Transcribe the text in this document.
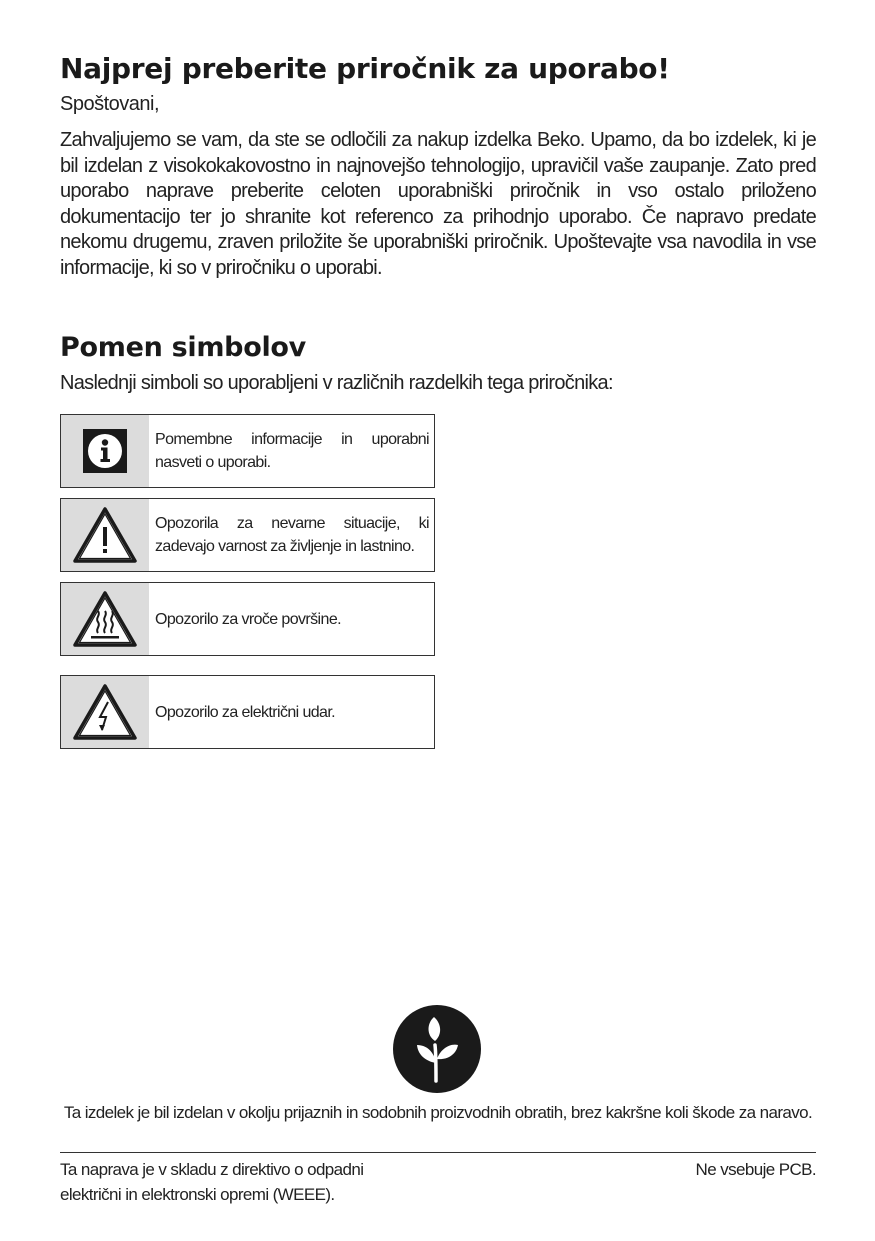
Najprej preberite priročnik za uporabo!
Spoštovani,

Zahvaljujemo se vam, da ste se odločili za nakup izdelka Beko. Upamo, da bo izdelek, ki je bil izdelan z visokokakovostno in najnovejšo tehnologijo, upravičil vaše zaupanje. Zato pred uporabo naprave preberite celoten uporabniški priročnik in vso ostalo priloženo dokumentacijo ter jo shranite kot referenco za prihodnjo uporabo. Če napravo predate nekomu drugemu, zraven priložite še uporabniški priročnik. Upoštevajte vsa navodila in vse informacije, ki so v priročniku o uporabi.

Pomen simbolov
Naslednji simboli so uporabljeni v različnih razdelkih tega priročnika:
Pomembne informacije in uporabni nasveti o uporabi.
Opozorila za nevarne situacije, ki zadevajo varnost za življenje in lastnino.
Opozorilo za vroče površine.
Opozorilo za električni udar.
Ta izdelek je bil izdelan v okolju prijaznih in sodobnih proizvodnih obratih, brez kakršne koli škode za naravo.
Ta naprava je v skladu z direktivo o odpadni električni in elektronski opremi (WEEE).
Ne vsebuje PCB.
